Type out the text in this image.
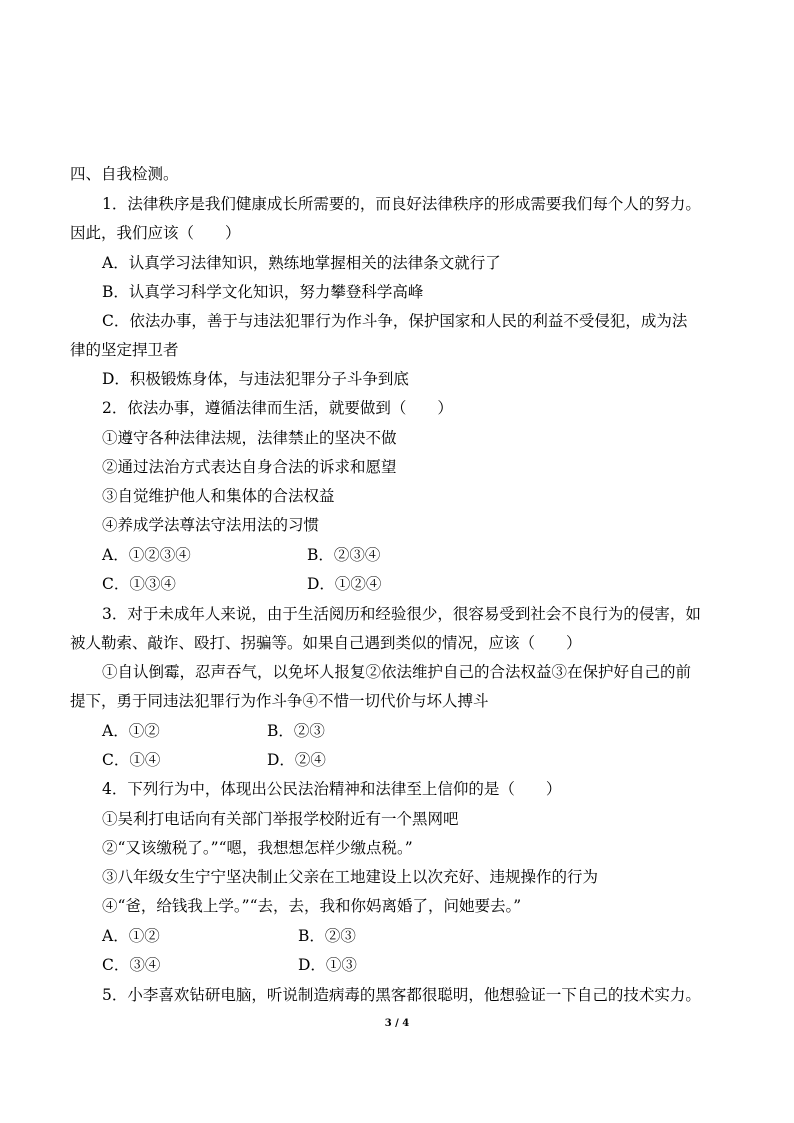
四、自我检测。
1．法律秩序是我们健康成长所需要的，而良好法律秩序的形成需要我们每个人的努力。
因此，我们应该（　　）
A．认真学习法律知识，熟练地掌握相关的法律条文就行了
B．认真学习科学文化知识，努力攀登科学高峰
C．依法办事，善于与违法犯罪行为作斗争，保护国家和人民的利益不受侵犯，成为法
律的坚定捍卫者
D．积极锻炼身体，与违法犯罪分子斗争到底
2．依法办事，遵循法律而生活，就要做到（　　）
①遵守各种法律法规，法律禁止的坚决不做
②通过法治方式表达自身合法的诉求和愿望
③自觉维护他人和集体的合法权益
④养成学法尊法守法用法的习惯
A．①②③④	B．②③④
C．①③④	D．①②④
3．对于未成年人来说，由于生活阅历和经验很少，很容易受到社会不良行为的侵害，如
被人勒索、敲诈、殴打、拐骗等。如果自己遇到类似的情况，应该（　　）
①自认倒霉，忍声吞气，以免坏人报复②依法维护自己的合法权益③在保护好自己的前
提下，勇于同违法犯罪行为作斗争④不惜一切代价与坏人搏斗
A．①②	B．②③
C．①④	D．②④
4．下列行为中，体现出公民法治精神和法律至上信仰的是（　　）
①吴利打电话向有关部门举报学校附近有一个黑网吧
②“又该缴税了。”“嗯，我想想怎样少缴点税。”
③八年级女生宁宁坚决制止父亲在工地建设上以次充好、违规操作的行为
④“爸，给钱我上学。”“去，去，我和你妈离婚了，问她要去。”
A．①②	B．②③
C．③④	D．①③
5．小李喜欢钻研电脑，听说制造病毒的黑客都很聪明，他想验证一下自己的技术实力。
3 / 4
